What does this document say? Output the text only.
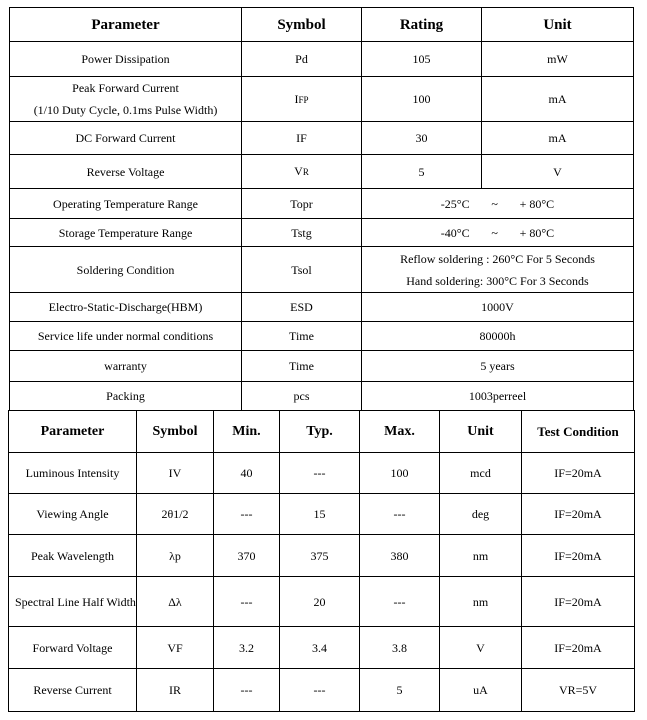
Parameter	Symbol	Rating	Unit
Power Dissipation	Pd	105	mW

Peak Forward Current
(1/10 Duty Cycle, 0.1ms Pulse Width)	IFP	100	mA
DC Forward Current	IF	30	mA
Reverse Voltage	VR	5	V
Operating Temperature Range	Topr	-25°C ~ + 80°C	
Storage Temperature Range	Tstg	-40°C ~ + 80°C	
Soldering Condition	Tsol	Reflow soldering : 260°C For 5 Seconds
Hand soldering: 300°C For 3 Seconds	

Electro-Static-Discharge(HBM)	ESD	1000V	
Service life under normal conditions	Time	80000h	
warranty	Time	5 years	
Packing	pcs	1003perreel	
Parameter	Symbol	Min.	Typ.	Max.	Unit	Test Condition
Luminous Intensity	IV	40	---	100	mcd	IF=20mA
Viewing Angle	2θ1/2	---	15	---	deg	IF=20mA
Peak Wavelength	λp	370	375	380	nm	IF=20mA
Spectral Line Half Width	Δλ	---	20	---	nm	IF=20mA
Forward Voltage	VF	3.2	3.4	3.8	V	IF=20mA
Reverse Current	IR	---	---	5	uA	VR=5V
